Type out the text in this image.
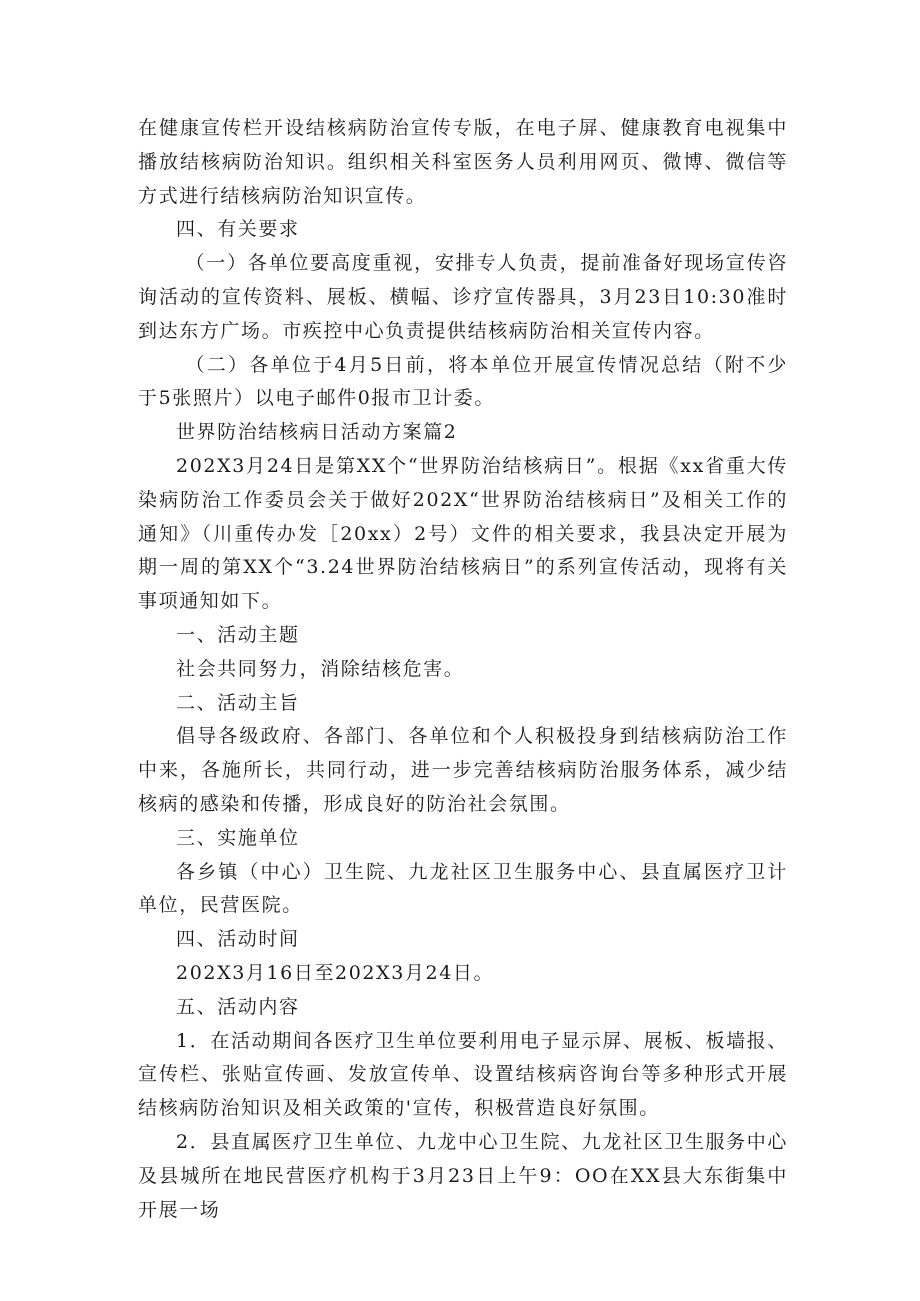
在健康宣传栏开设结核病防治宣传专版，在电子屏、健康教育电视集中播放结核病防治知识。组织相关科室医务人员利用网页、微博、微信等方式进行结核病防治知识宣传。

四、有关要求

（一）各单位要高度重视，安排专人负责，提前准备好现场宣传咨询活动的宣传资料、展板、横幅、诊疗宣传器具，3月23日10:30准时到达东方广场。市疾控中心负责提供结核病防治相关宣传内容。

（二）各单位于4月5日前，将本单位开展宣传情况总结（附不少于5张照片）以电子邮件0报市卫计委。

世界防治结核病日活动方案篇2

202X3月24日是第XX个“世界防治结核病日”。根据《xx省重大传染病防治工作委员会关于做好202X“世界防治结核病日”及相关工作的通知》（川重传办发［20xx）2号）文件的相关要求，我县决定开展为期一周的第XX个“3.24世界防治结核病日”的系列宣传活动，现将有关事项通知如下。

一、活动主题

社会共同努力，消除结核危害。

二、活动主旨

倡导各级政府、各部门、各单位和个人积极投身到结核病防治工作中来，各施所长，共同行动，进一步完善结核病防治服务体系，减少结核病的感染和传播，形成良好的防治社会氛围。

三、实施单位

各乡镇（中心）卫生院、九龙社区卫生服务中心、县直属医疗卫计单位，民营医院。

四、活动时间

202X3月16日至202X3月24日。

五、活动内容

1．在活动期间各医疗卫生单位要利用电子显示屏、展板、板墙报、宣传栏、张贴宣传画、发放宣传单、设置结核病咨询台等多种形式开展结核病防治知识及相关政策的'宣传，积极营造良好氛围。

2．县直属医疗卫生单位、九龙中心卫生院、九龙社区卫生服务中心及县城所在地民营医疗机构于3月23日上午9：OO在XX县大东街集中开展一场
